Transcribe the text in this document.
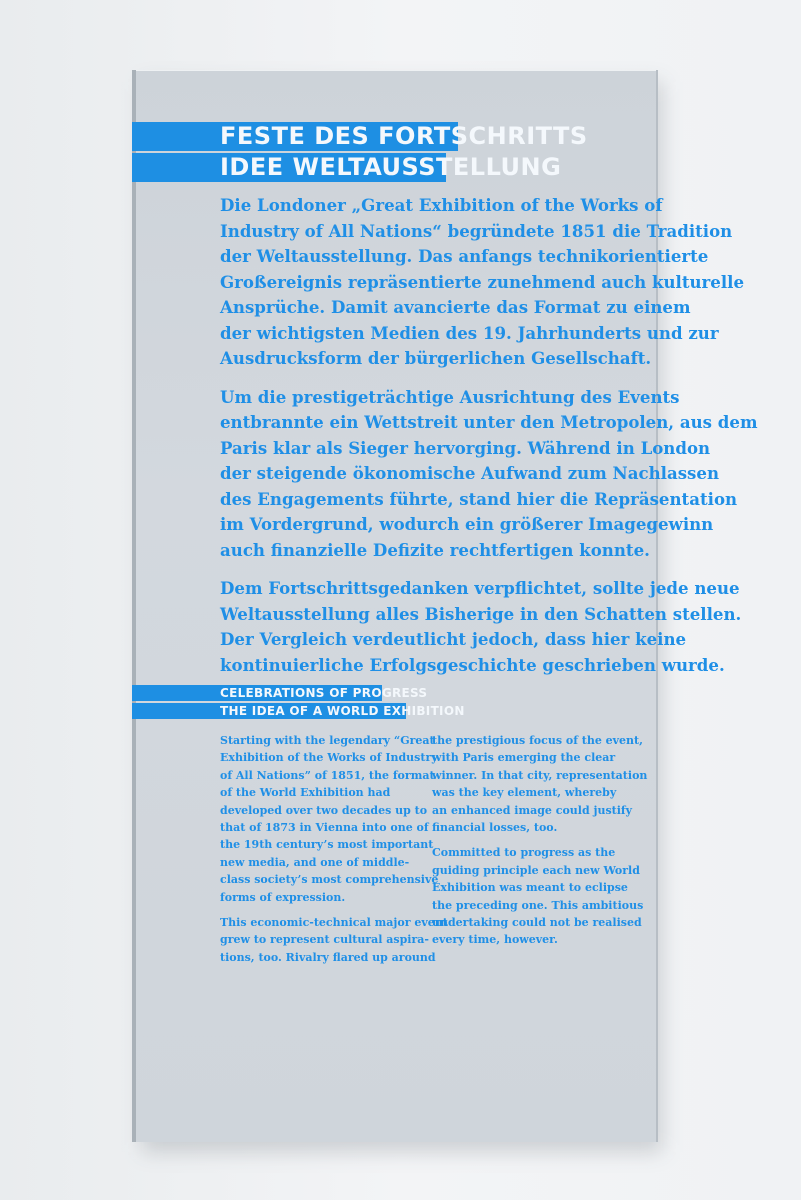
FESTE DES FORTSCHRITTS
IDEE WELTAUSSTELLUNG

Die Londoner „Great Exhibition of the Works of
Industry of All Nations“ begründete 1851 die Tradition
der Weltausstellung. Das anfangs technikorientierte
Großereignis repräsentierte zunehmend auch kulturelle
Ansprüche. Damit avancierte das Format zu einem
der wichtigsten Medien des 19. Jahrhunderts und zur
Ausdrucksform der bürgerlichen Gesellschaft.

Um die prestigeträchtige Ausrichtung des Events
entbrannte ein Wettstreit unter den Metropolen, aus dem
Paris klar als Sieger hervorging. Während in London
der steigende ökonomische Aufwand zum Nachlassen
des Engagements führte, stand hier die Repräsentation
im Vordergrund, wodurch ein größerer Imagegewinn
auch finanzielle Defizite rechtfertigen konnte.

Dem Fortschrittsgedanken verpflichtet, sollte jede neue
Weltausstellung alles Bisherige in den Schatten stellen.
Der Vergleich verdeutlicht jedoch, dass hier keine
kontinuierliche Erfolgsgeschichte geschrieben wurde.

CELEBRATIONS OF PROGRESS
THE IDEA OF A WORLD EXHIBITION

Starting with the legendary “Great
Exhibition of the Works of Industry
of All Nations” of 1851, the format
of the World Exhibition had
developed over two decades up to
that of 1873 in Vienna into one of
the 19th century’s most important
new media, and one of middle-
class society’s most comprehensive
forms of expression.

This economic-technical major event
grew to represent cultural aspira-
tions, too. Rivalry flared up around

the prestigious focus of the event,
with Paris emerging the clear
winner. In that city, representation
was the key element, whereby
an enhanced image could justify
financial losses, too.

Committed to progress as the
guiding principle each new World
Exhibition was meant to eclipse
the preceding one. This ambitious
undertaking could not be realised
every time, however.
